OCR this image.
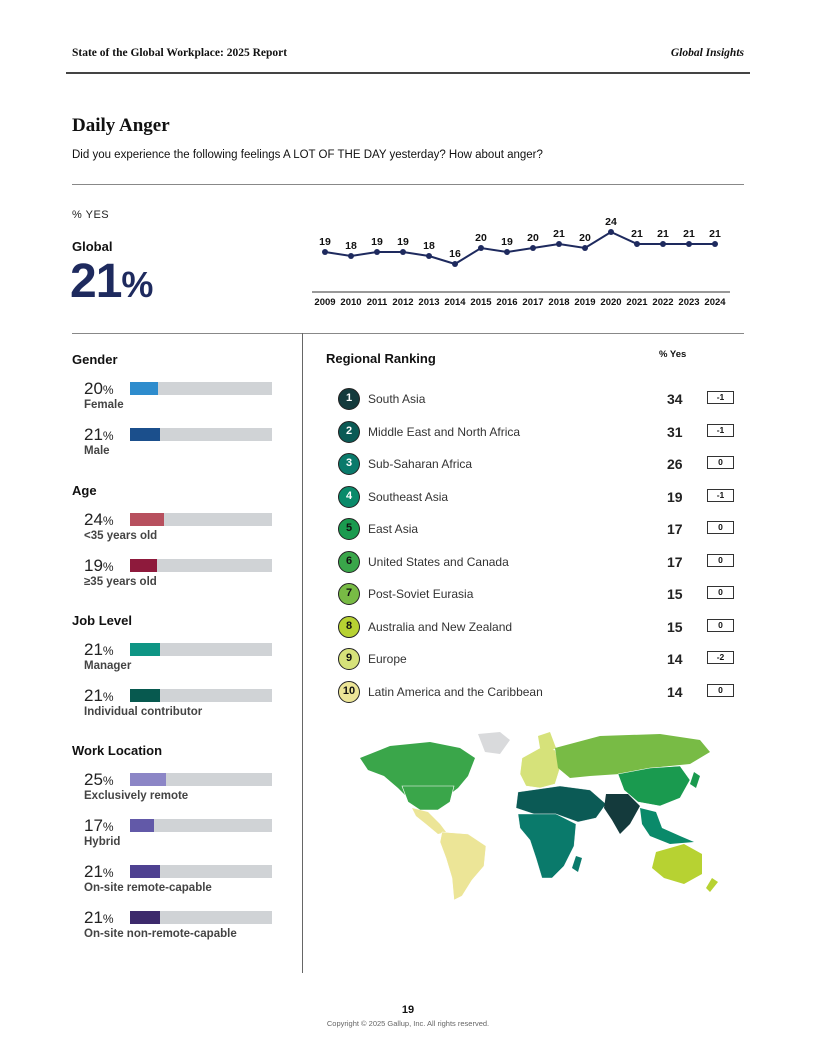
State of the Global Workplace: 2025 Report	Global Insights
Daily Anger
Did you experience the following feelings A LOT OF THE DAY yesterday? How about anger?
% YES
Global
21%
19
2009
18
2010
19
2011
19
2012
18
2013
16
2014
20
2015
19
2016
20
2017
21
2018
20
2019
24
2020
21
2021
21
2022
21
2023
21
2024
Gender
20%
Female
21%
Male
Age
24%
<35 years old
19%
≥35 years old
Job Level
21%
Manager
21%
Individual contributor
Work Location
25%
Exclusively remote
17%
Hybrid
21%
On-site remote-capable
21%
On-site non-remote-capable
Regional Ranking	% Yes
1	South Asia	34	-1
2	Middle East and North Africa	31	-1
3	Sub-Saharan Africa	26	0
4	Southeast Asia	19	-1
5	East Asia	17	0
6	United States and Canada	17	0
7	Post-Soviet Eurasia	15	0
8	Australia and New Zealand	15	0
9	Europe	14	-2
10	Latin America and the Caribbean	14	0
19
Copyright © 2025 Gallup, Inc. All rights reserved.
